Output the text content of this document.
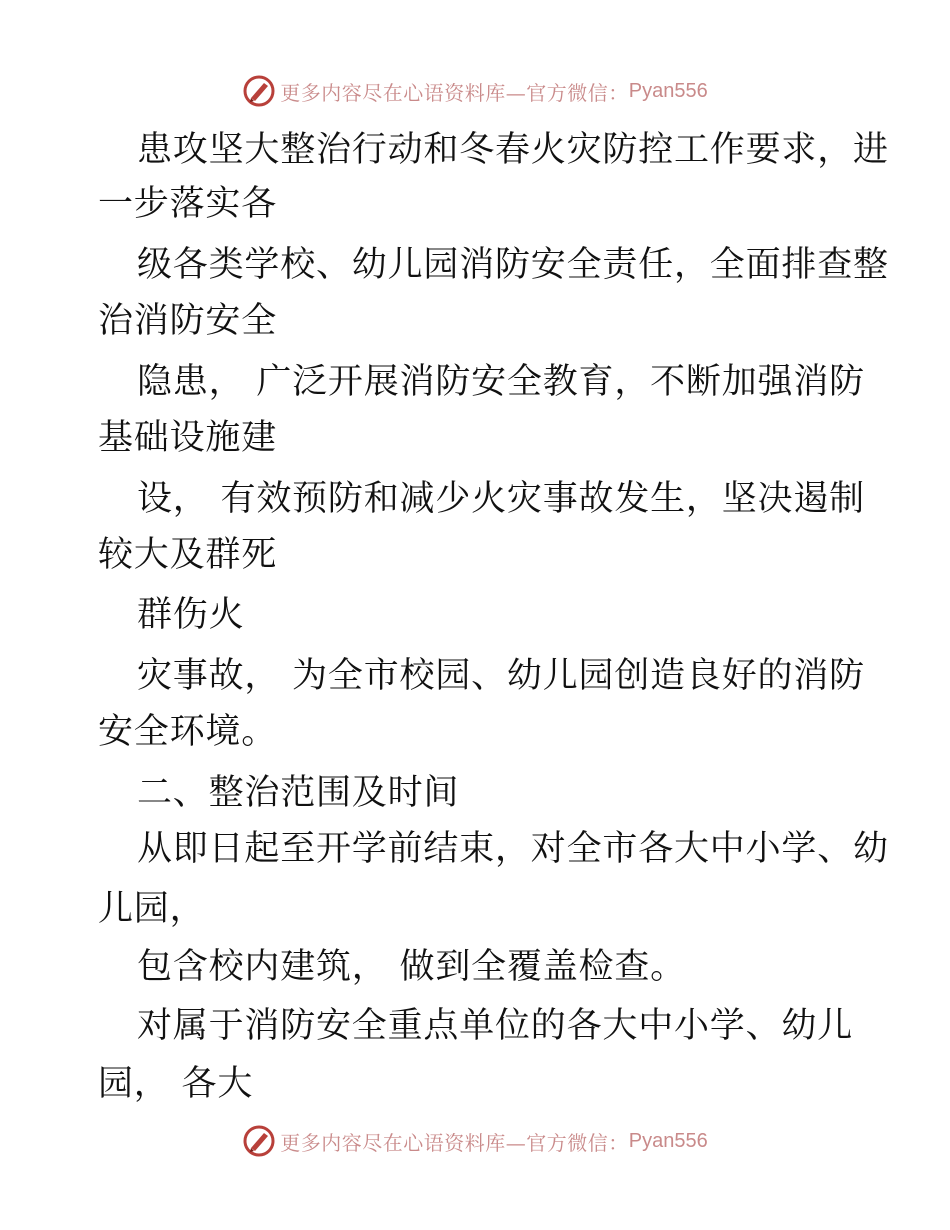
更多内容尽在心语资料库—官方微信： Pyan556
患攻坚大整治行动和冬春火灾防控工作要求，进
一步落实各
级各类学校、幼儿园消防安全责任，全面排查整
治消防安全
隐患， 广泛开展消防安全教育，不断加强消防
基础设施建
设， 有效预防和减少火灾事故发生，坚决遏制
较大及群死
群伤火
灾事故， 为全市校园、幼儿园创造良好的消防
安全环境。
二、整治范围及时间
从即日起至开学前结束，对全市各大中小学、幼
儿园，
包含校内建筑， 做到全覆盖检查。
对属于消防安全重点单位的各大中小学、幼儿
园， 各大
更多内容尽在心语资料库—官方微信： Pyan556
